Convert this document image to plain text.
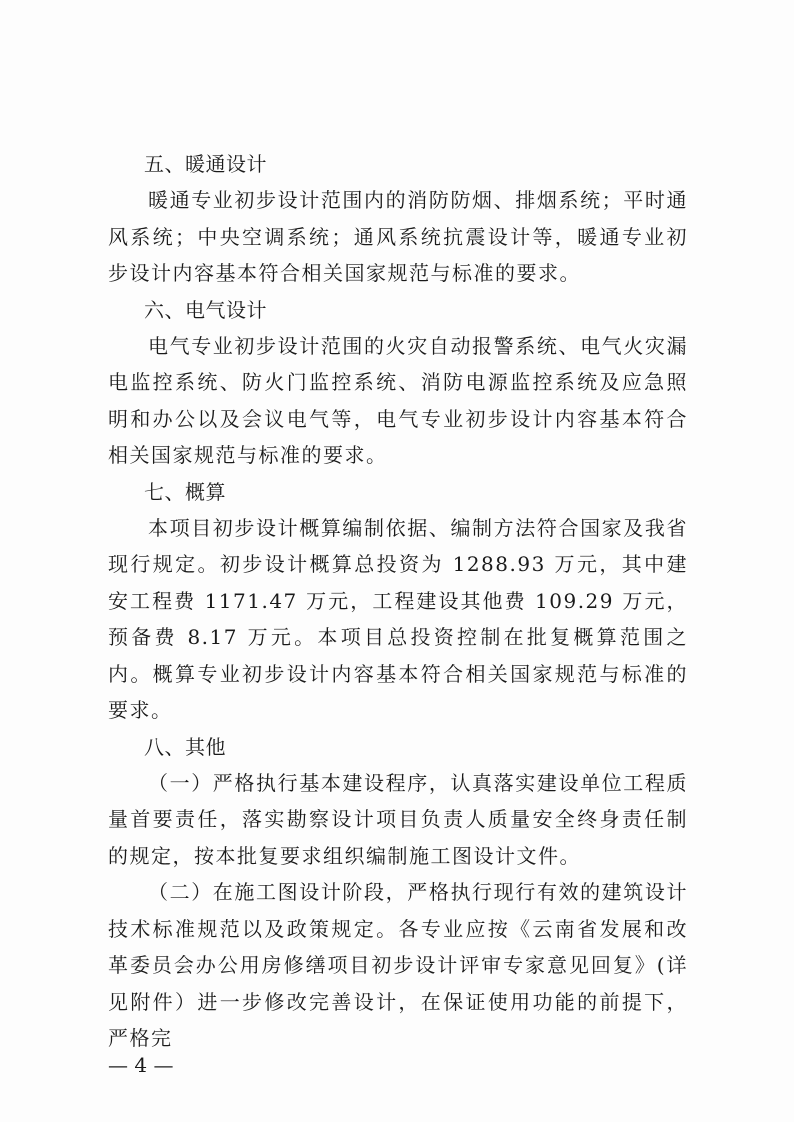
五、暖通设计

暖通专业初步设计范围内的消防防烟、排烟系统；平时通风系统；中央空调系统；通风系统抗震设计等，暖通专业初步设计内容基本符合相关国家规范与标准的要求。

六、电气设计

电气专业初步设计范围的火灾自动报警系统、电气火灾漏电监控系统、防火门监控系统、消防电源监控系统及应急照明和办公以及会议电气等，电气专业初步设计内容基本符合相关国家规范与标准的要求。

七、概算

本项目初步设计概算编制依据、编制方法符合国家及我省现行规定。初步设计概算总投资为 1288.93 万元，其中建安工程费 1171.47 万元，工程建设其他费 109.29 万元，预备费 8.17 万元。本项目总投资控制在批复概算范围之内。概算专业初步设计内容基本符合相关国家规范与标准的要求。

八、其他

（一）严格执行基本建设程序，认真落实建设单位工程质量首要责任，落实勘察设计项目负责人质量安全终身责任制的规定，按本批复要求组织编制施工图设计文件。

（二）在施工图设计阶段，严格执行现行有效的建筑设计技术标准规范以及政策规定。各专业应按《云南省发展和改革委员会办公用房修缮项目初步设计评审专家意见回复》(详见附件）进一步修改完善设计，在保证使用功能的前提下，严格完

— 4 —
